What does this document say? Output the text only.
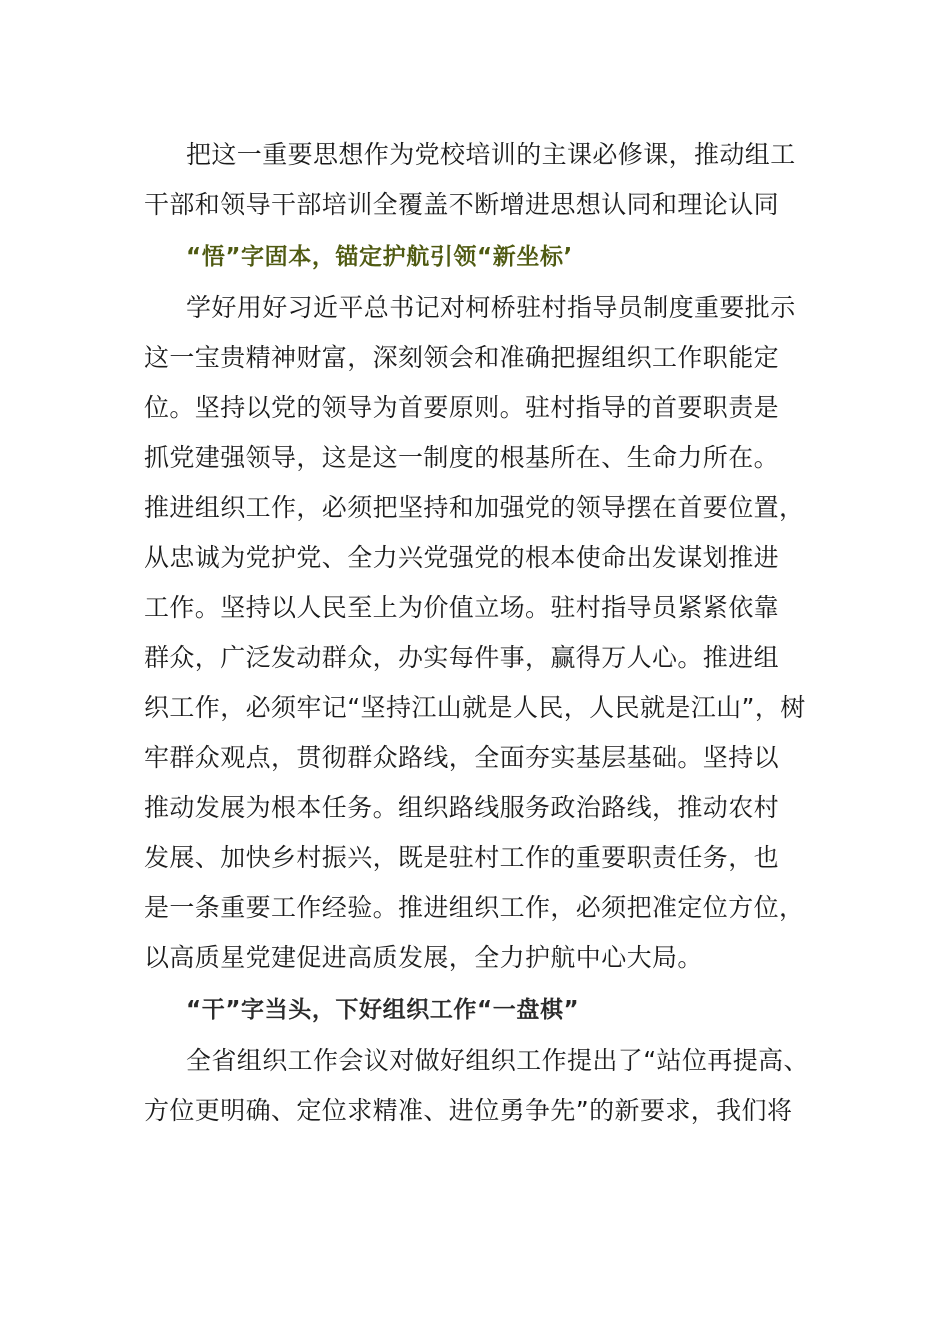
把这一重要思想作为党校培训的主课必修课，推动组工
干部和领导干部培训全覆盖不断增进思想认同和理论认同
“悟”字固本，锚定护航引领“新坐标’
学好用好习近平总书记对柯桥驻村指导员制度重要批示
这一宝贵精神财富，深刻领会和准确把握组织工作职能定
位。坚持以党的领导为首要原则。驻村指导的首要职责是
抓党建强领导，这是这一制度的根基所在、生命力所在。
推进组织工作，必须把坚持和加强党的领导摆在首要位置，
从忠诚为党护党、全力兴党强党的根本使命出发谋划推进
工作。坚持以人民至上为价值立场。驻村指导员紧紧依靠
群众，广泛发动群众，办实每件事，赢得万人心。推进组
织工作，必须牢记“坚持江山就是人民，人民就是江山”，树
牢群众观点，贯彻群众路线，全面夯实基层基础。坚持以
推动发展为根本任务。组织路线服务政治路线，推动农村
发展、加快乡村振兴，既是驻村工作的重要职责任务，也
是一条重要工作经验。推进组织工作，必须把准定位方位，
以高质星党建促进高质发展，全力护航中心大局。
“干”字当头，下好组织工作“一盘棋”
全省组织工作会议对做好组织工作提出了“站位再提高、
方位更明确、定位求精准、进位勇争先”的新要求，我们将
